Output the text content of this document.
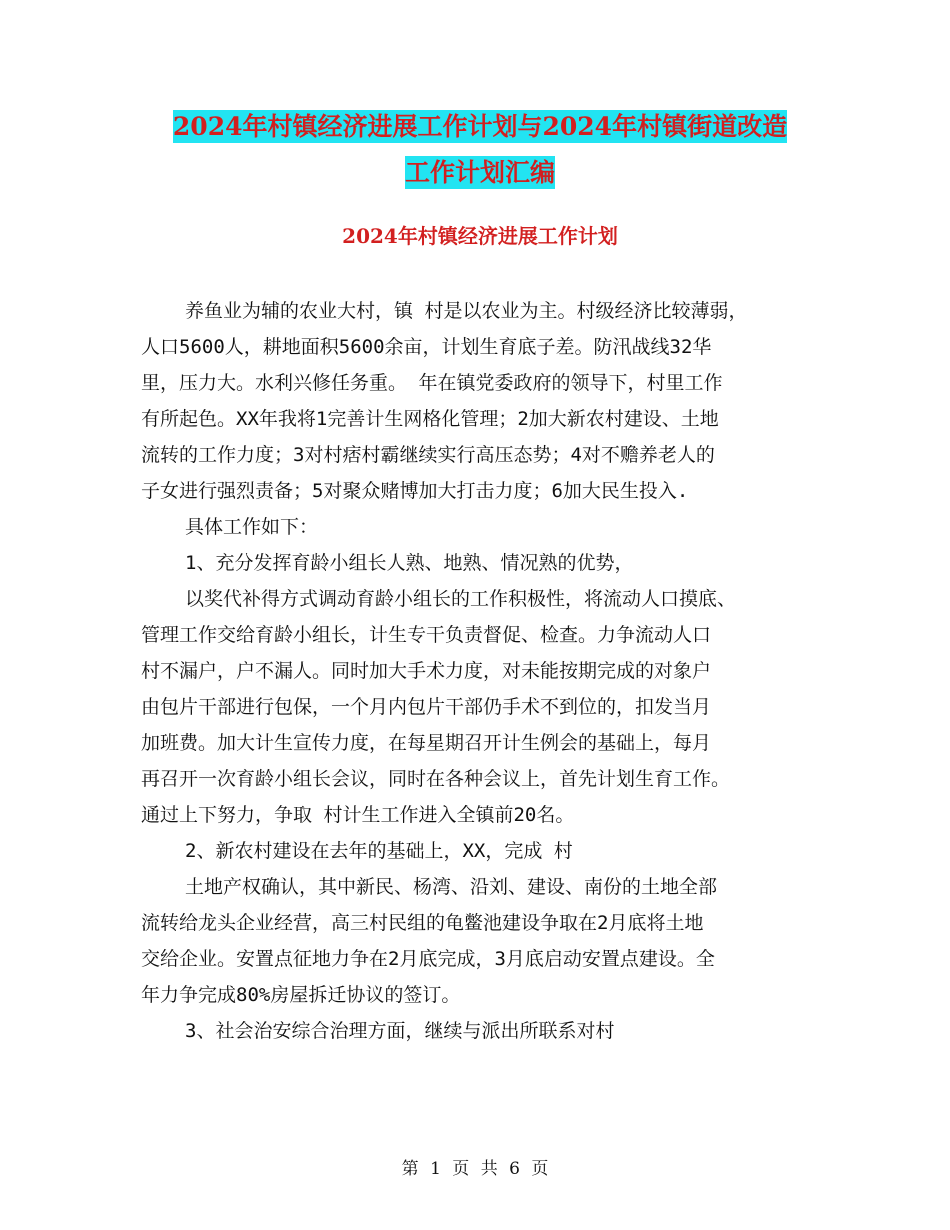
2024年村镇经济进展工作计划与2024年村镇街道改造
工作计划汇编
2024年村镇经济进展工作计划
养鱼业为辅的农业大村，镇 村是以农业为主。村级经济比较薄弱，
人口5600人，耕地面积5600余亩，计划生育底子差。防汛战线32华
里，压力大。水利兴修任务重。 年在镇党委政府的领导下，村里工作
有所起色。XX年我将1完善计生网格化管理；2加大新农村建设、土地
流转的工作力度；3对村痞村霸继续实行高压态势；4对不赡养老人的
子女进行强烈责备；5对聚众赌博加大打击力度；6加大民生投入.
具体工作如下：
1、充分发挥育龄小组长人熟、地熟、情况熟的优势，
以奖代补得方式调动育龄小组长的工作积极性，将流动人口摸底、
管理工作交给育龄小组长，计生专干负责督促、检查。力争流动人口
村不漏户，户不漏人。同时加大手术力度，对未能按期完成的对象户
由包片干部进行包保，一个月内包片干部仍手术不到位的，扣发当月
加班费。加大计生宣传力度，在每星期召开计生例会的基础上，每月
再召开一次育龄小组长会议，同时在各种会议上，首先计划生育工作。
通过上下努力，争取 村计生工作进入全镇前20名。
2、新农村建设在去年的基础上，XX，完成 村
土地产权确认，其中新民、杨湾、沿刘、建设、南份的土地全部
流转给龙头企业经营，高三村民组的龟鳖池建设争取在2月底将土地
交给企业。安置点征地力争在2月底完成，3月底启动安置点建设。全
年力争完成80%房屋拆迁协议的签订。
3、社会治安综合治理方面，继续与派出所联系对村
第 1 页 共 6 页
